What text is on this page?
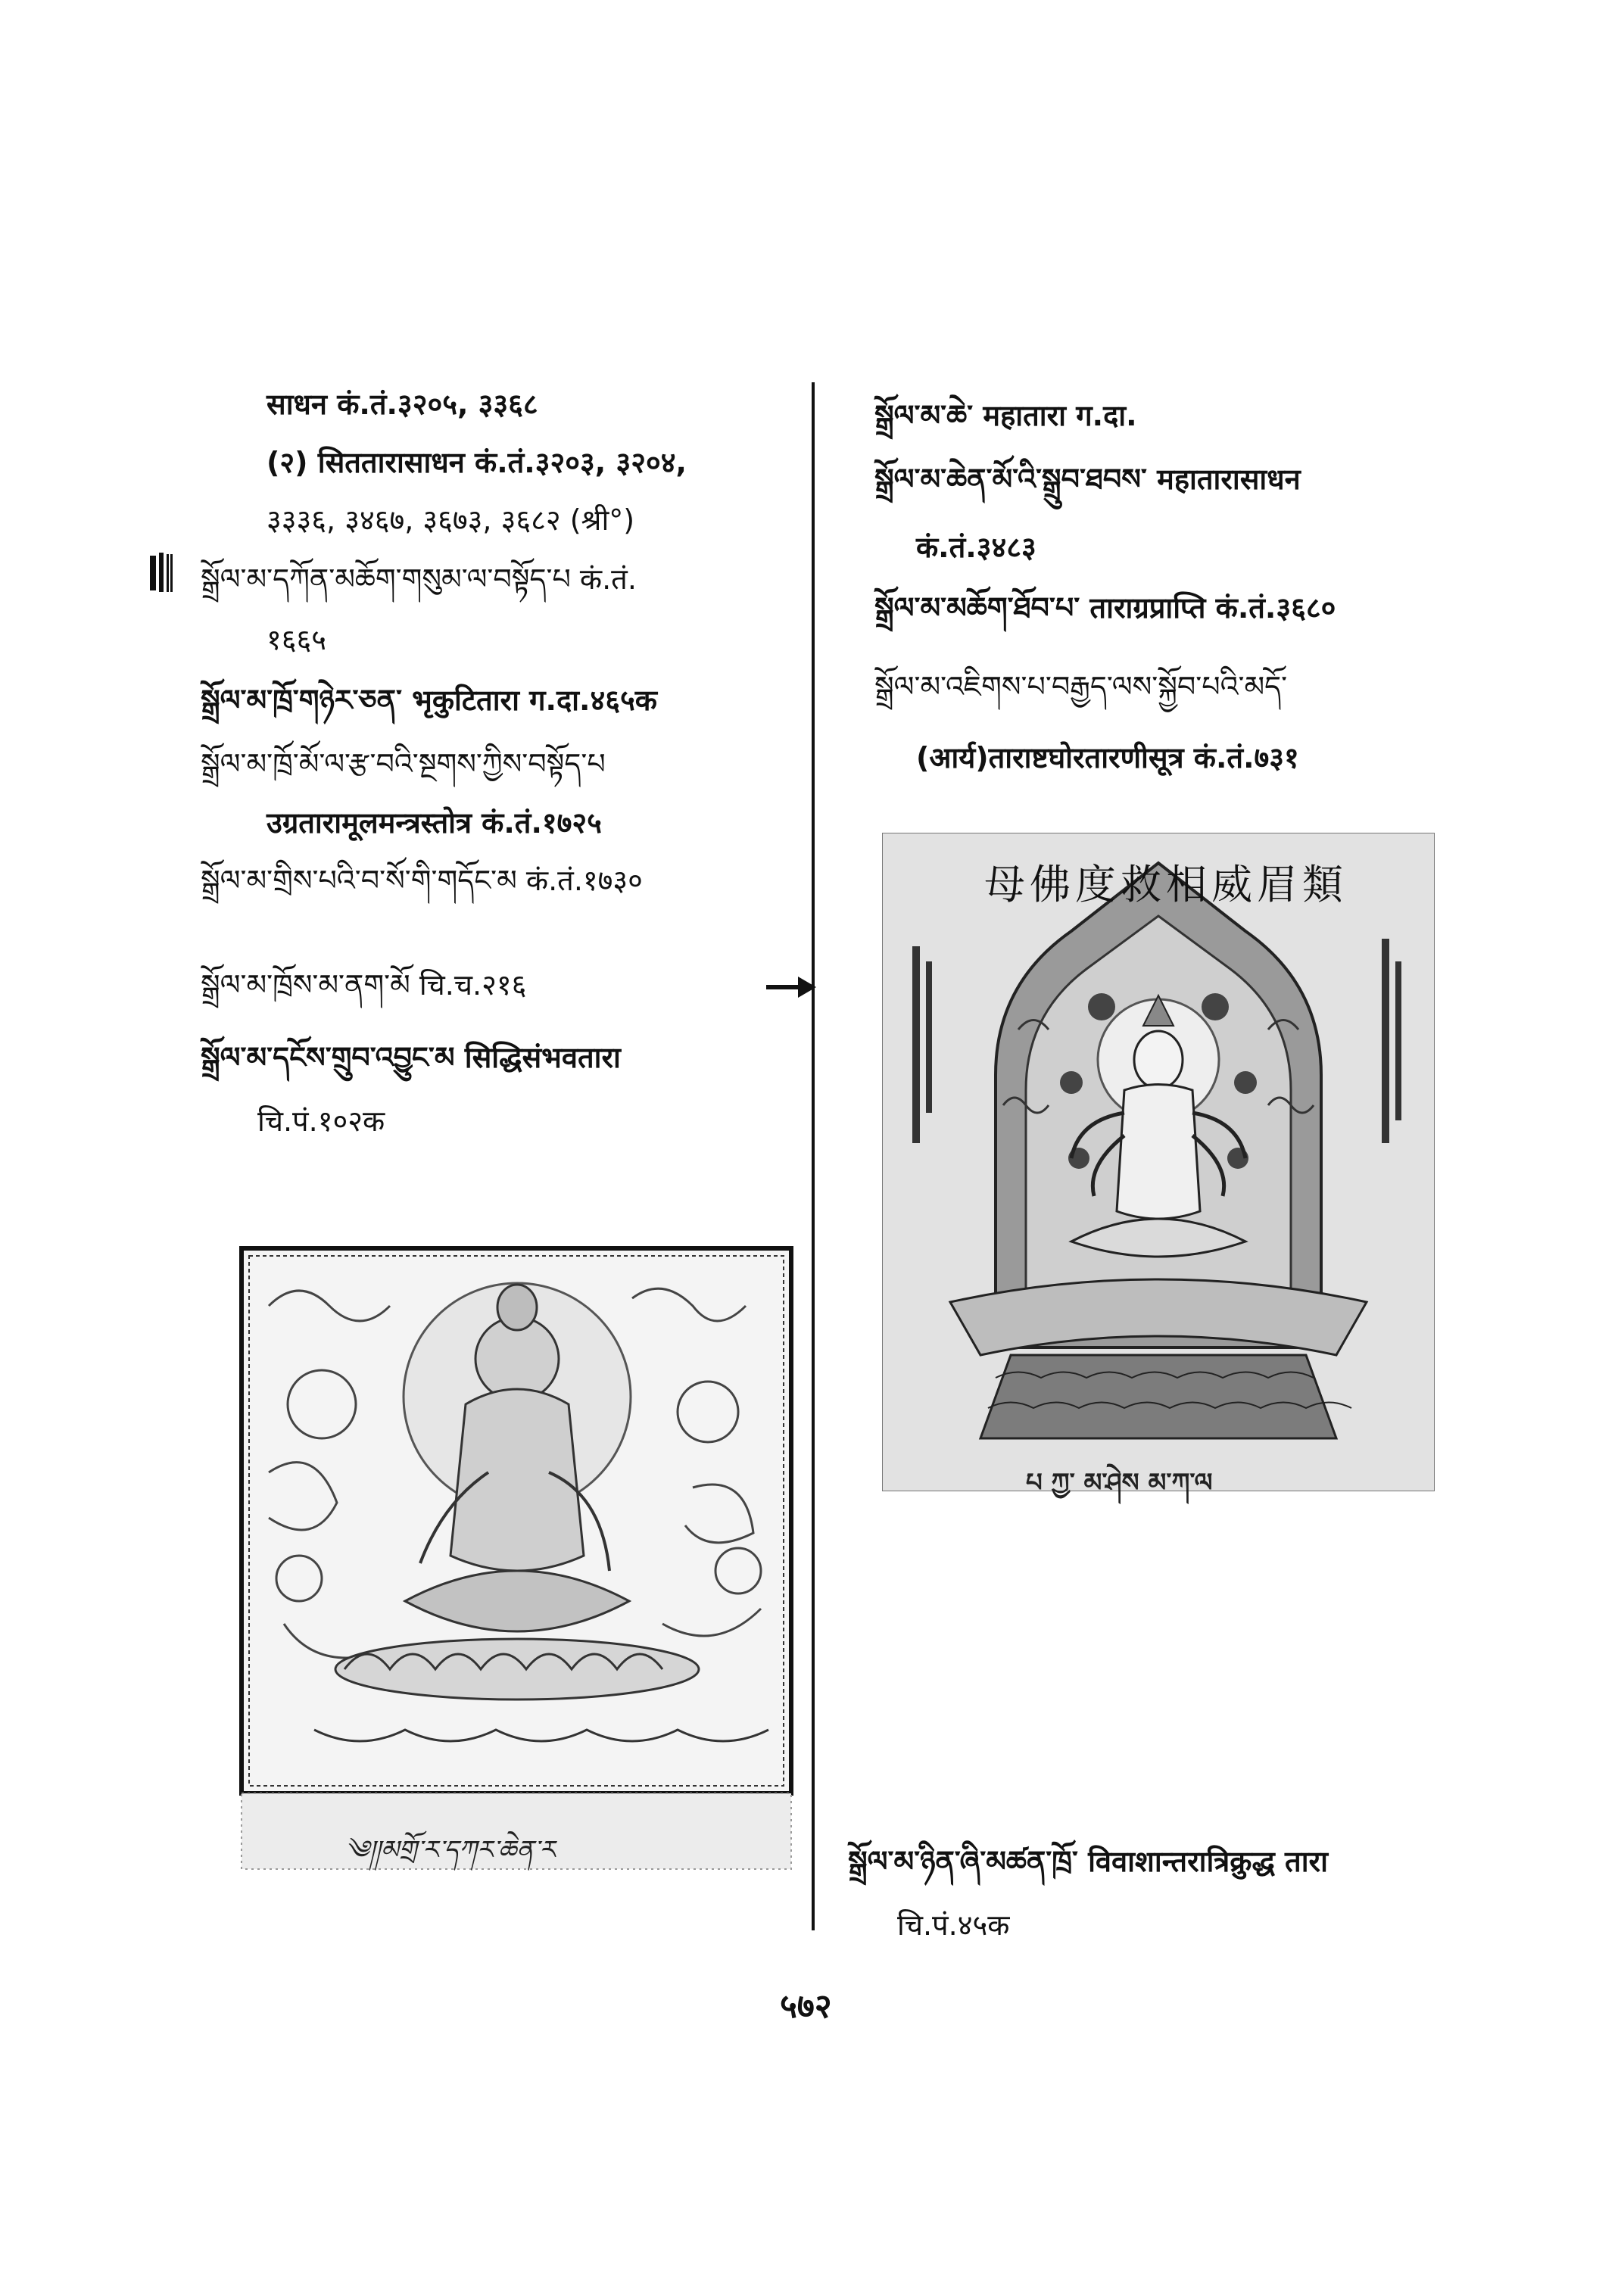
साधन कं.तं.३२०५, ३३६८
(२) सिततारासाधन कं.तं.३२०३, ३२०४,
३३३६, ३४६७, ३६७३, ३६८२ (श्री°)
སྒྲོལ་མ་དཀོན་མཆོག་གསུམ་ལ་བསྟོད་པ कं.तं.
१६६५
སྒྲོལ་མ་ཁྲོ་གཉེར་ཅན་ भृकुटितारा ग.दा.४६५क
སྒྲོལ་མ་ཁྲོ་མོ་ལ་རྩ་བའི་སྔགས་ཀྱིས་བསྟོད་པ
उग्रतारामूलमन्त्रस्तोत्र कं.तं.१७२५
སྒྲོལ་མ་གྲིས་པའི་བ་སོ་གི་གདོང་མ कं.तं.१७३०
སྒྲོལ་མ་ཁྲོས་མ་ནག་མོ चि.च.२१६
སྒྲོལ་མ་དངོས་གྲུབ་འབྱུང་མ सिद्धिसंभवतारा
चि.पं.१०२क
༄།།མགྲོ་ར་དཀར་ཆེན་ར
སྒྲོལ་མ་ཆེ་ महातारा ग.दा.
སྒྲོལ་མ་ཆེན་མོ་འི་སྒྲུབ་ཐབས་ महातारासाधन
कं.तं.३४८३
སྒྲོལ་མ་མཆོག་ཐོབ་པ་ ताराग्रप्राप्ति कं.तं.३६८०
སྒྲོལ་མ་འཇིགས་པ་བརྒྱད་ལས་སྐྱོབ་པའི་མདོ་
(आर्य)ताराष्टघोरतारणीसूत्र कं.तं.७३१
པ ཀྱ་ མ་ཤེས མ་ཀ་ལ
母佛度救相威眉類
སྒྲོལ་མ་ཉིན་ཞི་མཚན་ཁྲོ་ विवाशान्तरात्रिक्रुद्ध तारा
चि.पं.४५क
५७२
